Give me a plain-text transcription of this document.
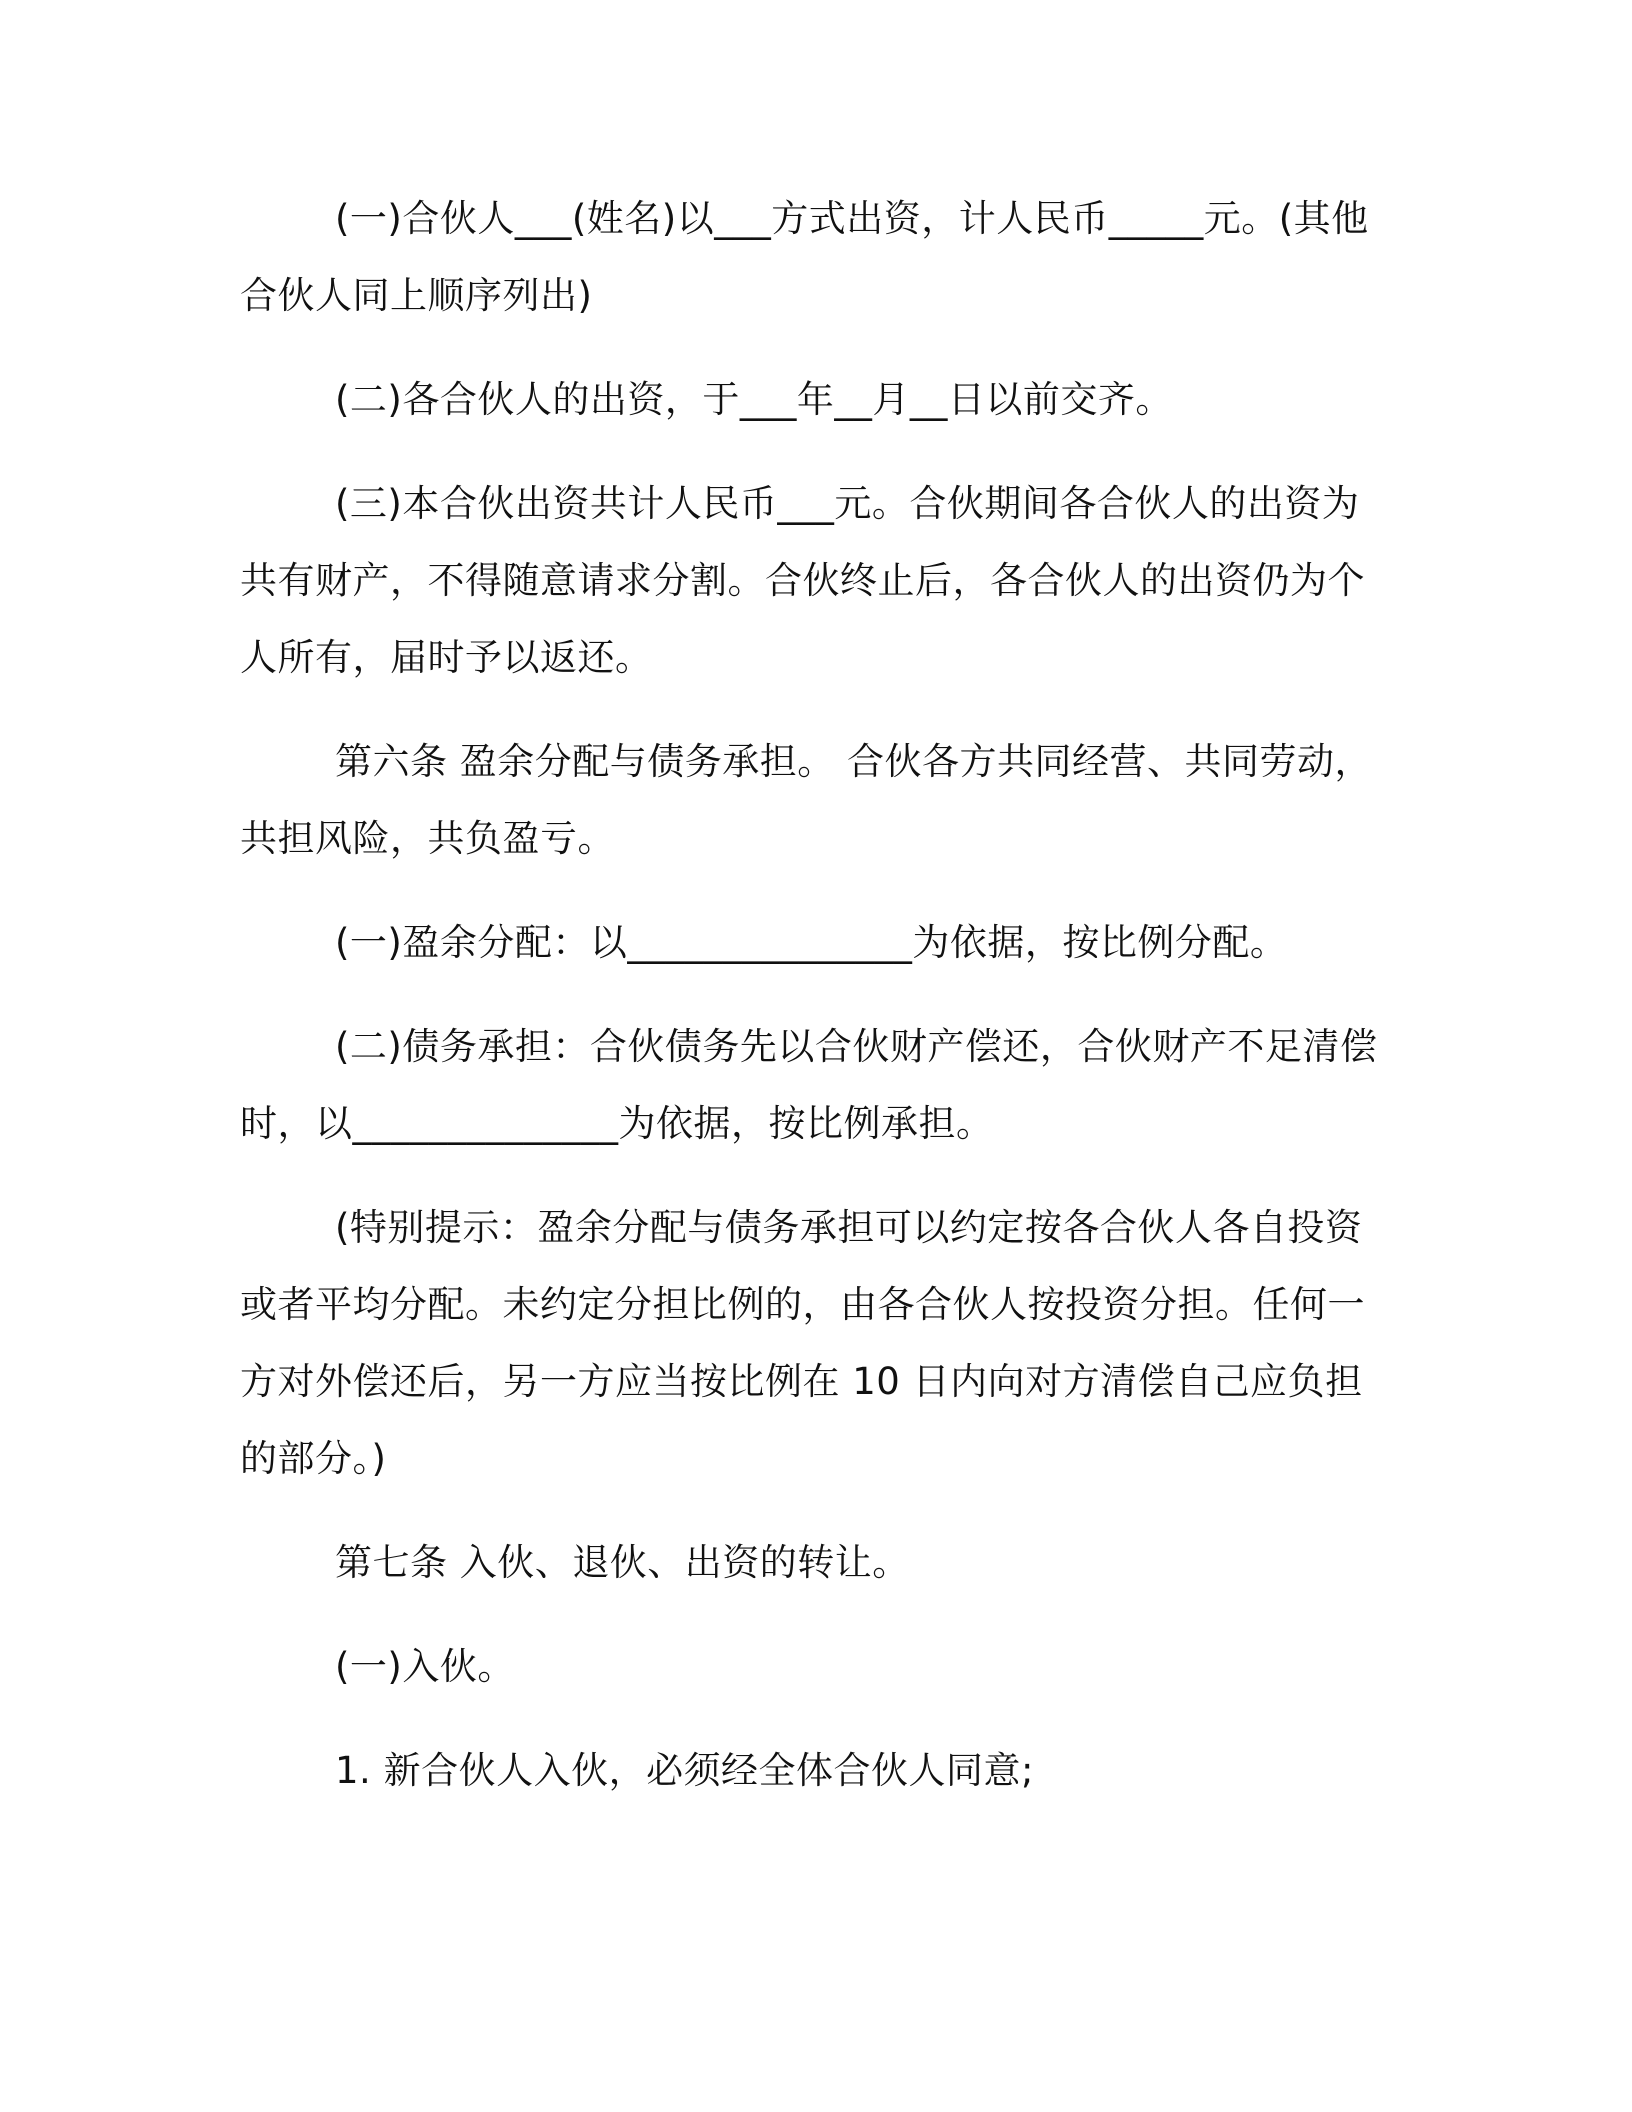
(一)合伙人___(姓名)以___方式出资，计人民币_____元。(其他合伙人同上顺序列出)

(二)各合伙人的出资，于___年__月__日以前交齐。

(三)本合伙出资共计人民币___元。合伙期间各合伙人的出资为共有财产，不得随意请求分割。合伙终止后，各合伙人的出资仍为个人所有，届时予以返还。

第六条 盈余分配与债务承担。 合伙各方共同经营、共同劳动，共担风险，共负盈亏。

(一)盈余分配：以_______________为依据，按比例分配。

(二)债务承担：合伙债务先以合伙财产偿还，合伙财产不足清偿时，以______________为依据，按比例承担。

(特别提示：盈余分配与债务承担可以约定按各合伙人各自投资或者平均分配。未约定分担比例的，由各合伙人按投资分担。任何一方对外偿还后，另一方应当按比例在 10 日内向对方清偿自己应负担的部分。)

第七条 入伙、退伙、出资的转让。

(一)入伙。

1. 新合伙人入伙，必须经全体合伙人同意;
